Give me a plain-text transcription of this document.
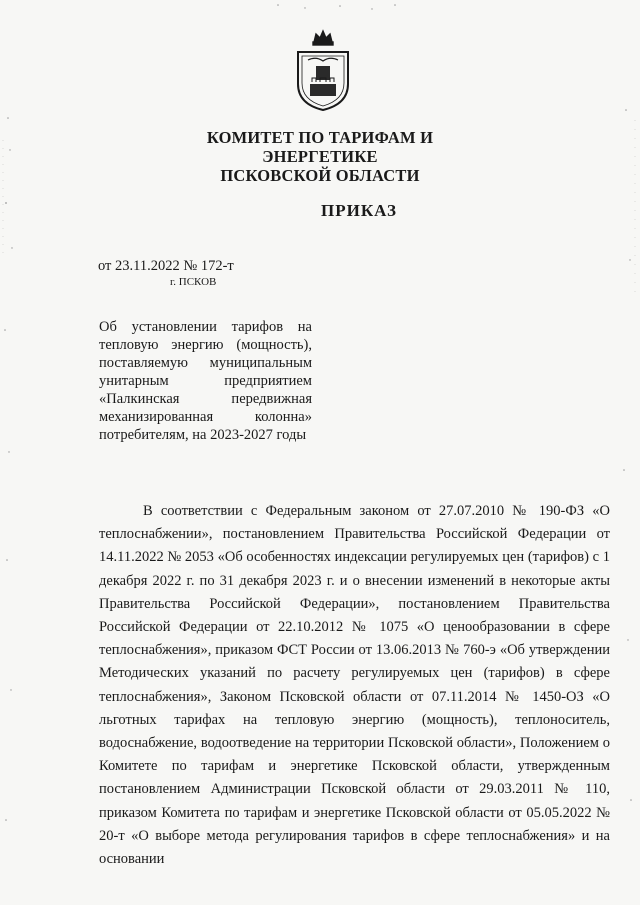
КОМИТЕТ ПО ТАРИФАМ И ЭНЕРГЕТИКЕ
ПСКОВСКОЙ ОБЛАСТИ
ПРИКАЗ
от 23.11.2022 № 172-т
г. ПСКОВ
Об установлении тарифов на тепловую энергию (мощность), поставляемую муниципальным унитарным предприятием «Палкинская передвижная механизированная колонна» потребителям, на 2023-2027 годы

В соответствии с Федеральным законом от 27.07.2010 № 190-ФЗ «О теплоснабжении», постановлением Правительства Российской Федерации от 14.11.2022 № 2053 «Об особенностях индексации регулируемых цен (тарифов) с 1 декабря 2022 г. по 31 декабря 2023 г. и о внесении изменений в некоторые акты Правительства Российской Федерации», постановлением Правительства Российской Федерации от 22.10.2012 № 1075 «О ценообразовании в сфере теплоснабжения», приказом ФСТ России от 13.06.2013 № 760-э «Об утверждении Методических указаний по расчету регулируемых цен (тарифов) в сфере теплоснабжения», Законом Псковской области от 07.11.2014 № 1450-ОЗ «О льготных тарифах на тепловую энергию (мощность), теплоноситель, водоснабжение, водоотведение на территории Псковской области», Положением о Комитете по тарифам и энергетике Псковской области, утвержденным постановлением Администрации Псковской области от 29.03.2011 № 110, приказом Комитета по тарифам и энергетике Псковской области от 05.05.2022 № 20-т «О выборе метода регулирования тарифов в сфере теплоснабжения» и на основании
